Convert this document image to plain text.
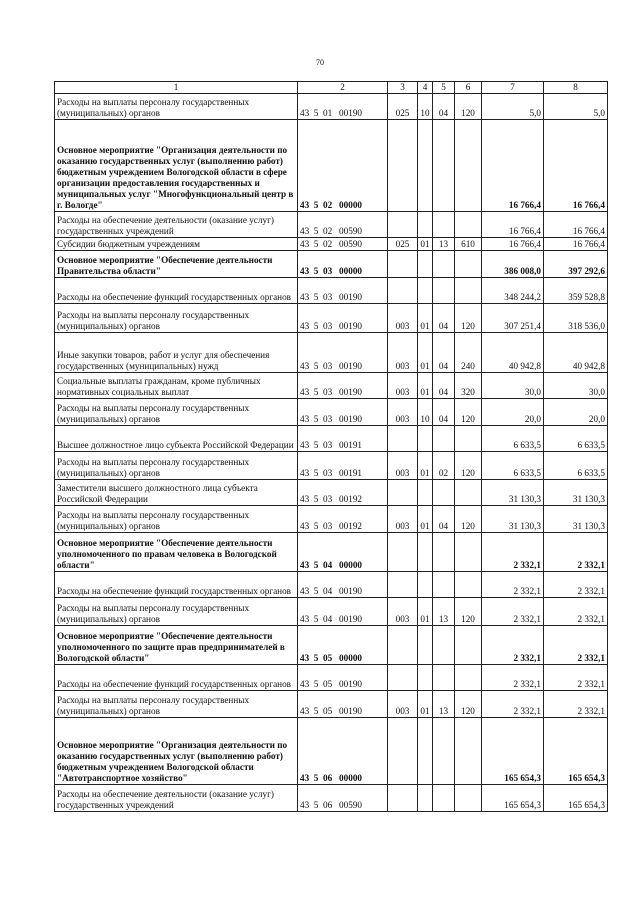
70
1	2	3	4	5	6	7	8
Расходы на выплаты персоналу государственных (муниципальных) органов	43  5  01   00190	025	10	04	120	5,0	5,0
Основное мероприятие "Организация деятельности по оказанию государственных услуг (выполнению работ) бюджетным учреждением Вологодской области в сфере организации предоставления государственных и муниципальных услуг "Многофункциональный центр в г. Вологде"	43  5  02   00000					16 766,4	16 766,4
Расходы на обеспечение деятельности (оказание услуг) государственных учреждений	43  5  02   00590					16 766,4	16 766,4
Субсидии бюджетным учреждениям	43  5  02   00590	025	01	13	610	16 766,4	16 766,4
Основное мероприятие "Обеспечение деятельности Правительства области"	43  5  03   00000					386 008,0	397 292,6
Расходы на обеспечение функций государственных органов	43  5  03   00190					348 244,2	359 528,8
Расходы на выплаты персоналу государственных (муниципальных) органов	43  5  03   00190	003	01	04	120	307 251,4	318 536,0
Иные закупки товаров, работ и услуг для обеспечения государственных (муниципальных) нужд	43  5  03   00190	003	01	04	240	40 942,8	40 942,8
Социальные выплаты гражданам, кроме публичных нормативных социальных выплат	43  5  03   00190	003	01	04	320	30,0	30,0
Расходы на выплаты персоналу государственных (муниципальных) органов	43  5  03   00190	003	10	04	120	20,0	20,0
Высшее должностное лицо субъекта Российской Федерации	43  5  03   00191					6 633,5	6 633,5
Расходы на выплаты персоналу государственных (муниципальных) органов	43  5  03   00191	003	01	02	120	6 633,5	6 633,5
Заместители высшего должностного лица субъекта Российской Федерации	43  5  03   00192					31 130,3	31 130,3
Расходы на выплаты персоналу государственных (муниципальных) органов	43  5  03   00192	003	01	04	120	31 130,3	31 130,3
Основное мероприятие "Обеспечение деятельности уполномоченного по правам человека в Вологодской области"	43  5  04   00000					2 332,1	2 332,1
Расходы на обеспечение функций государственных органов	43  5  04   00190					2 332,1	2 332,1
Расходы на выплаты персоналу государственных (муниципальных) органов	43  5  04   00190	003	01	13	120	2 332,1	2 332,1
Основное мероприятие "Обеспечение деятельности уполномоченного по защите прав предпринимателей в Вологодской области"	43  5  05   00000					2 332,1	2 332,1
Расходы на обеспечение функций государственных органов	43  5  05   00190					2 332,1	2 332,1
Расходы на выплаты персоналу государственных (муниципальных) органов	43  5  05   00190	003	01	13	120	2 332,1	2 332,1
Основное мероприятие "Организация деятельности по оказанию государственных услуг (выполнению работ) бюджетным учреждением Вологодской области "Автотранспортное хозяйство"	43  5  06   00000					165 654,3	165 654,3
Расходы на обеспечение деятельности (оказание услуг) государственных учреждений	43  5  06   00590					165 654,3	165 654,3
